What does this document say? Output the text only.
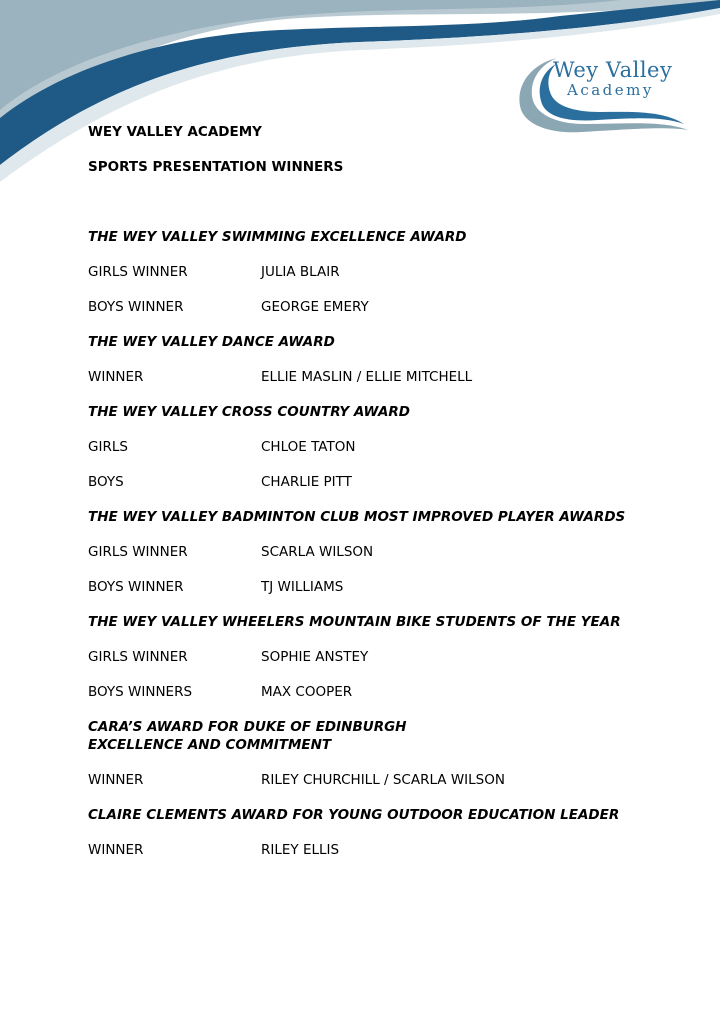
Wey Valley
Academy
WEY VALLEY ACADEMY
SPORTS PRESENTATION WINNERS
THE WEY VALLEY SWIMMING EXCELLENCE AWARD
GIRLS WINNER	JULIA BLAIR
BOYS WINNER	GEORGE EMERY
THE WEY VALLEY DANCE AWARD
WINNER	ELLIE MASLIN / ELLIE MITCHELL
THE WEY VALLEY CROSS COUNTRY AWARD
GIRLS	CHLOE TATON
BOYS	CHARLIE PITT
THE WEY VALLEY BADMINTON CLUB MOST IMPROVED PLAYER AWARDS
GIRLS WINNER	SCARLA WILSON
BOYS WINNER	TJ WILLIAMS
THE WEY VALLEY WHEELERS MOUNTAIN BIKE STUDENTS OF THE YEAR
GIRLS WINNER	SOPHIE ANSTEY
BOYS WINNERS	MAX COOPER
CARA’S AWARD FOR DUKE OF EDINBURGH
EXCELLENCE AND COMMITMENT
WINNER	RILEY CHURCHILL / SCARLA WILSON
CLAIRE CLEMENTS AWARD FOR YOUNG OUTDOOR EDUCATION LEADER
WINNER	RILEY ELLIS
